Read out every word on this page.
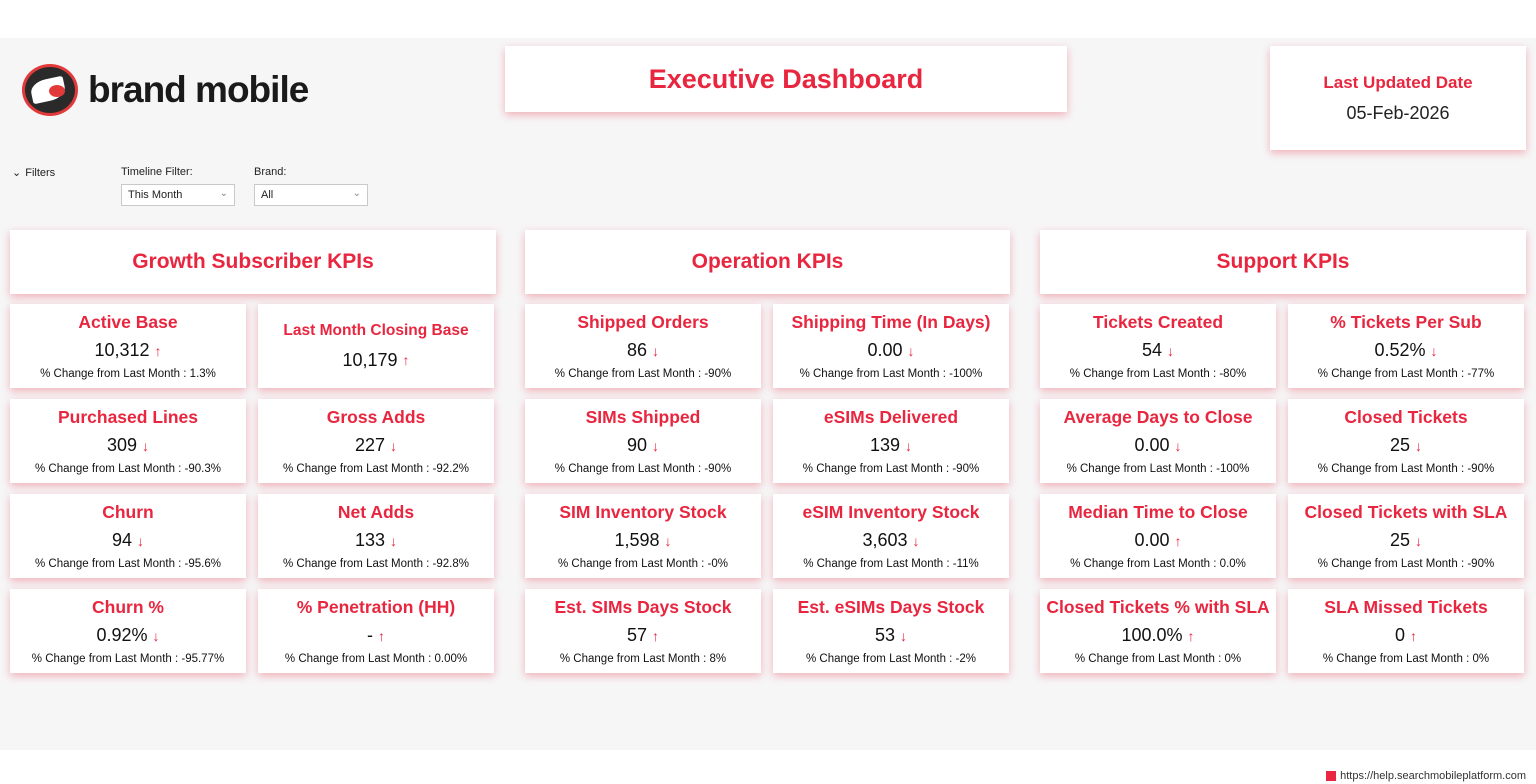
brand mobile	Executive Dashboard	Last Updated Date
05-Feb-2026
⌄ Filters	Timeline Filter:
This Month	⌄
Brand:
All	⌄
Growth Subscriber KPIs	Operation KPIs	Support KPIs
Active Base
10,312 ↑
% Change from Last Month : 1.3%
Last Month Closing Base
10,179 ↑
Purchased Lines
309 ↓
% Change from Last Month : -90.3%
Gross Adds
227 ↓
% Change from Last Month : -92.2%
Churn
94 ↓
% Change from Last Month : -95.6%
Net Adds
133 ↓
% Change from Last Month : -92.8%
Churn %
0.92% ↓
% Change from Last Month : -95.77%
% Penetration (HH)
- ↑
% Change from Last Month : 0.00%
Shipped Orders
86 ↓
% Change from Last Month : -90%
Shipping Time (In Days)
0.00 ↓
% Change from Last Month : -100%
SIMs Shipped
90 ↓
% Change from Last Month : -90%
eSIMs Delivered
139 ↓
% Change from Last Month : -90%
SIM Inventory Stock
1,598 ↓
% Change from Last Month : -0%
eSIM Inventory Stock
3,603 ↓
% Change from Last Month : -11%
Est. SIMs Days Stock
57 ↑
% Change from Last Month : 8%
Est. eSIMs Days Stock
53 ↓
% Change from Last Month : -2%
Tickets Created
54 ↓
% Change from Last Month : -80%
% Tickets Per Sub
0.52% ↓
% Change from Last Month : -77%
Average Days to Close
0.00 ↓
% Change from Last Month : -100%
Closed Tickets
25 ↓
% Change from Last Month : -90%
Median Time to Close
0.00 ↑
% Change from Last Month : 0.0%
Closed Tickets with SLA
25 ↓
% Change from Last Month : -90%
Closed Tickets % with SLA
100.0% ↑
% Change from Last Month : 0%
SLA Missed Tickets
0 ↑
% Change from Last Month : 0%
https://help.searchmobileplatform.com
